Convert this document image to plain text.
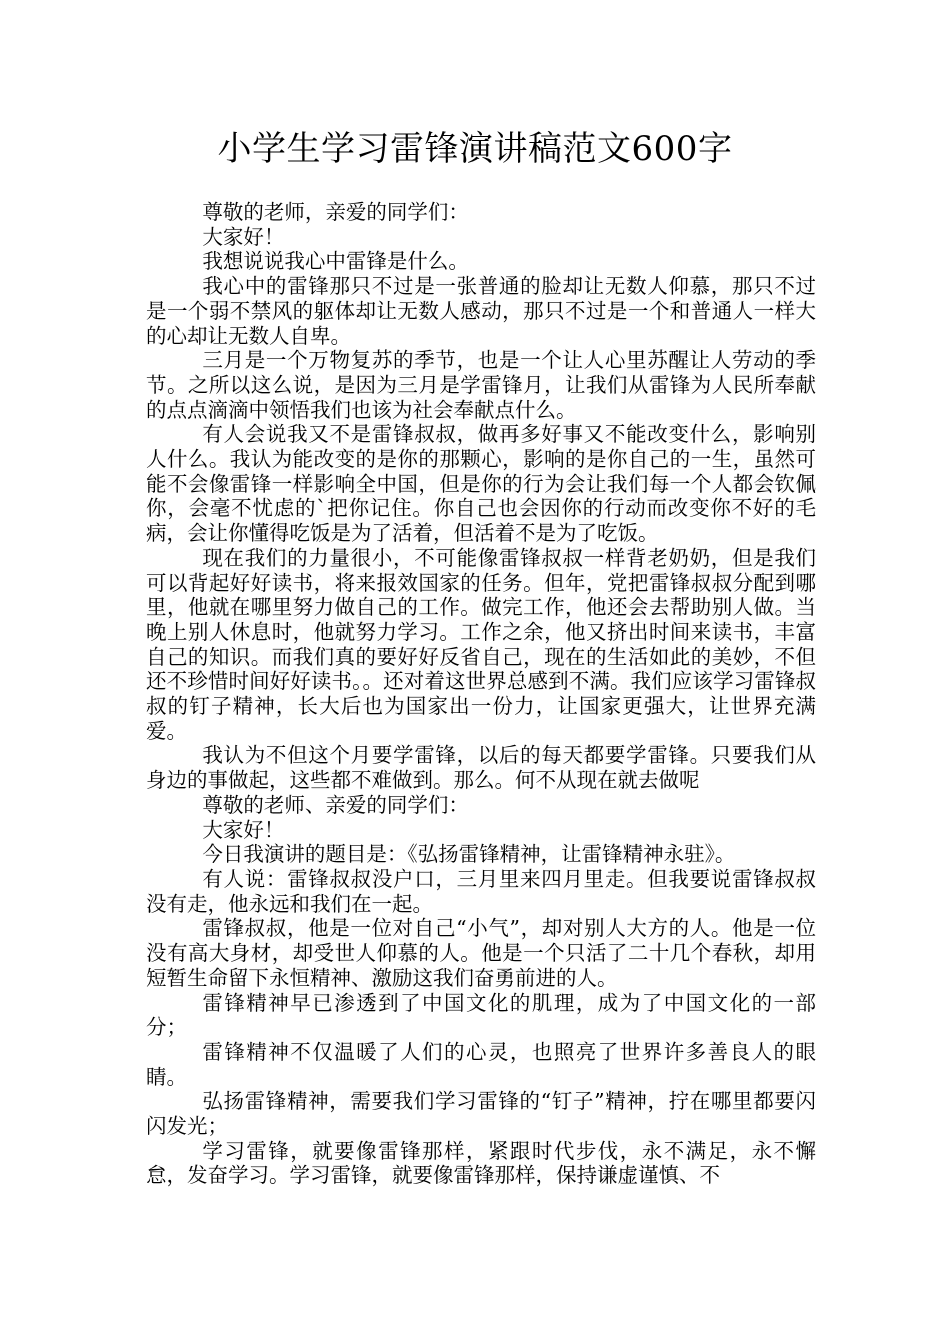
小学生学习雷锋演讲稿范文600字

尊敬的老师，亲爱的同学们：

大家好！

我想说说我心中雷锋是什么。

我心中的雷锋那只不过是一张普通的脸却让无数人仰慕，那只不过是一个弱不禁风的躯体却让无数人感动，那只不过是一个和普通人一样大的心却让无数人自卑。

三月是一个万物复苏的季节，也是一个让人心里苏醒让人劳动的季节。之所以这么说，是因为三月是学雷锋月，让我们从雷锋为人民所奉献的点点滴滴中领悟我们也该为社会奉献点什么。

有人会说我又不是雷锋叔叔，做再多好事又不能改变什么，影响别人什么。我认为能改变的是你的那颗心，影响的是你自己的一生，虽然可能不会像雷锋一样影响全中国，但是你的行为会让我们每一个人都会钦佩你，会毫不忧虑的`把你记住。你自己也会因你的行动而改变你不好的毛病，会让你懂得吃饭是为了活着，但活着不是为了吃饭。

现在我们的力量很小，不可能像雷锋叔叔一样背老奶奶，但是我们可以背起好好读书，将来报效国家的任务。但年，党把雷锋叔叔分配到哪里，他就在哪里努力做自己的工作。做完工作，他还会去帮助别人做。当晚上别人休息时，他就努力学习。工作之余，他又挤出时间来读书，丰富自己的知识。而我们真的要好好反省自己，现在的生活如此的美妙，不但还不珍惜时间好好读书。。还对着这世界总感到不满。我们应该学习雷锋叔叔的钉子精神，长大后也为国家出一份力，让国家更强大，让世界充满爱。

我认为不但这个月要学雷锋，以后的每天都要学雷锋。只要我们从身边的事做起，这些都不难做到。那么。何不从现在就去做呢

尊敬的老师、亲爱的同学们：

大家好！

今日我演讲的题目是：《弘扬雷锋精神，让雷锋精神永驻》。

有人说：雷锋叔叔没户口，三月里来四月里走。但我要说雷锋叔叔没有走，他永远和我们在一起。

雷锋叔叔，他是一位对自己“小气”，却对别人大方的人。他是一位没有高大身材，却受世人仰慕的人。他是一个只活了二十几个春秋，却用短暂生命留下永恒精神、激励这我们奋勇前进的人。

雷锋精神早已渗透到了中国文化的肌理，成为了中国文化的一部分；

雷锋精神不仅温暖了人们的心灵，也照亮了世界许多善良人的眼睛。

弘扬雷锋精神，需要我们学习雷锋的“钉子”精神，拧在哪里都要闪闪发光；

学习雷锋，就要像雷锋那样，紧跟时代步伐，永不满足，永不懈怠，发奋学习。学习雷锋，就要像雷锋那样，保持谦虚谨慎、不
